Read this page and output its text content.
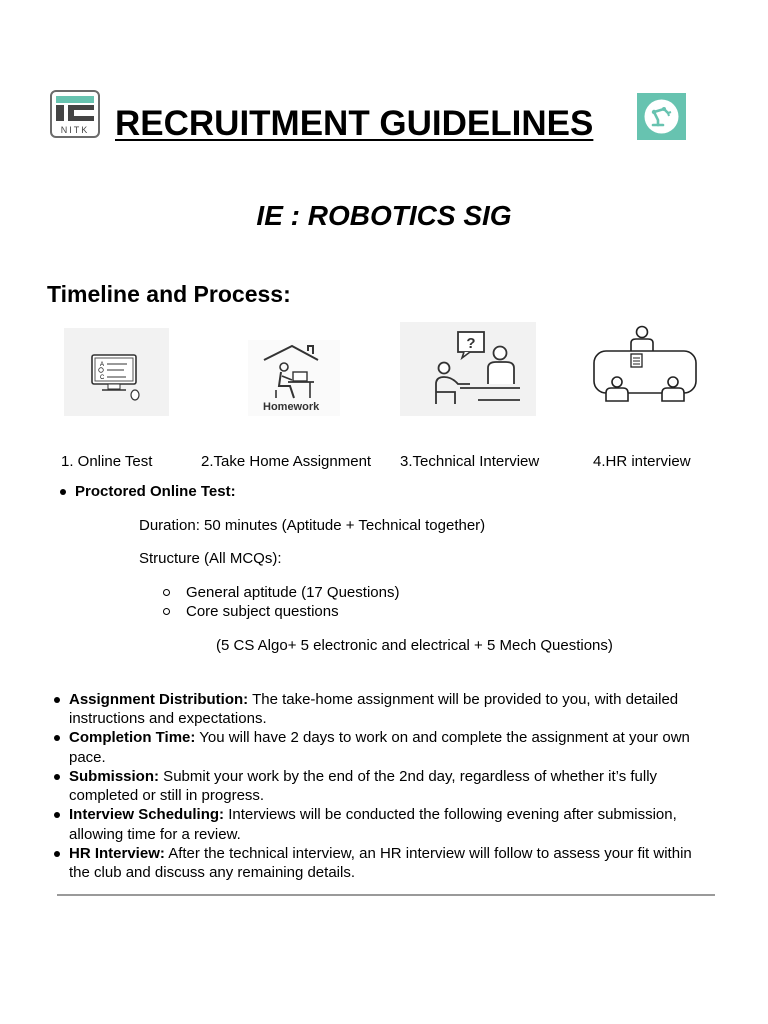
NITK RECRUITMENT GUIDELINES
IE : ROBOTICS SIG
Timeline and Process:
A
C
Homework
?
1. Online Test	2.Take Home Assignment 3.Technical Interview	4.HR interview
Proctored Online Test:
Duration: 50 minutes (Aptitude + Technical together)
Structure (All MCQs):
General aptitude (17 Questions)
Core subject questions
(5 CS Algo+ 5 electronic and electrical + 5 Mech Questions)
Assignment Distribution: The take-home assignment will be provided to you, with detailed
instructions and expectations.
Completion Time: You will have 2 days to work on and complete the assignment at your own
pace.
Submission: Submit your work by the end of the 2nd day, regardless of whether it’s fully
completed or still in progress.
Interview Scheduling: Interviews will be conducted the following evening after submission,
allowing time for a review.
HR Interview: After the technical interview, an HR interview will follow to assess your fit within
the club and discuss any remaining details.
